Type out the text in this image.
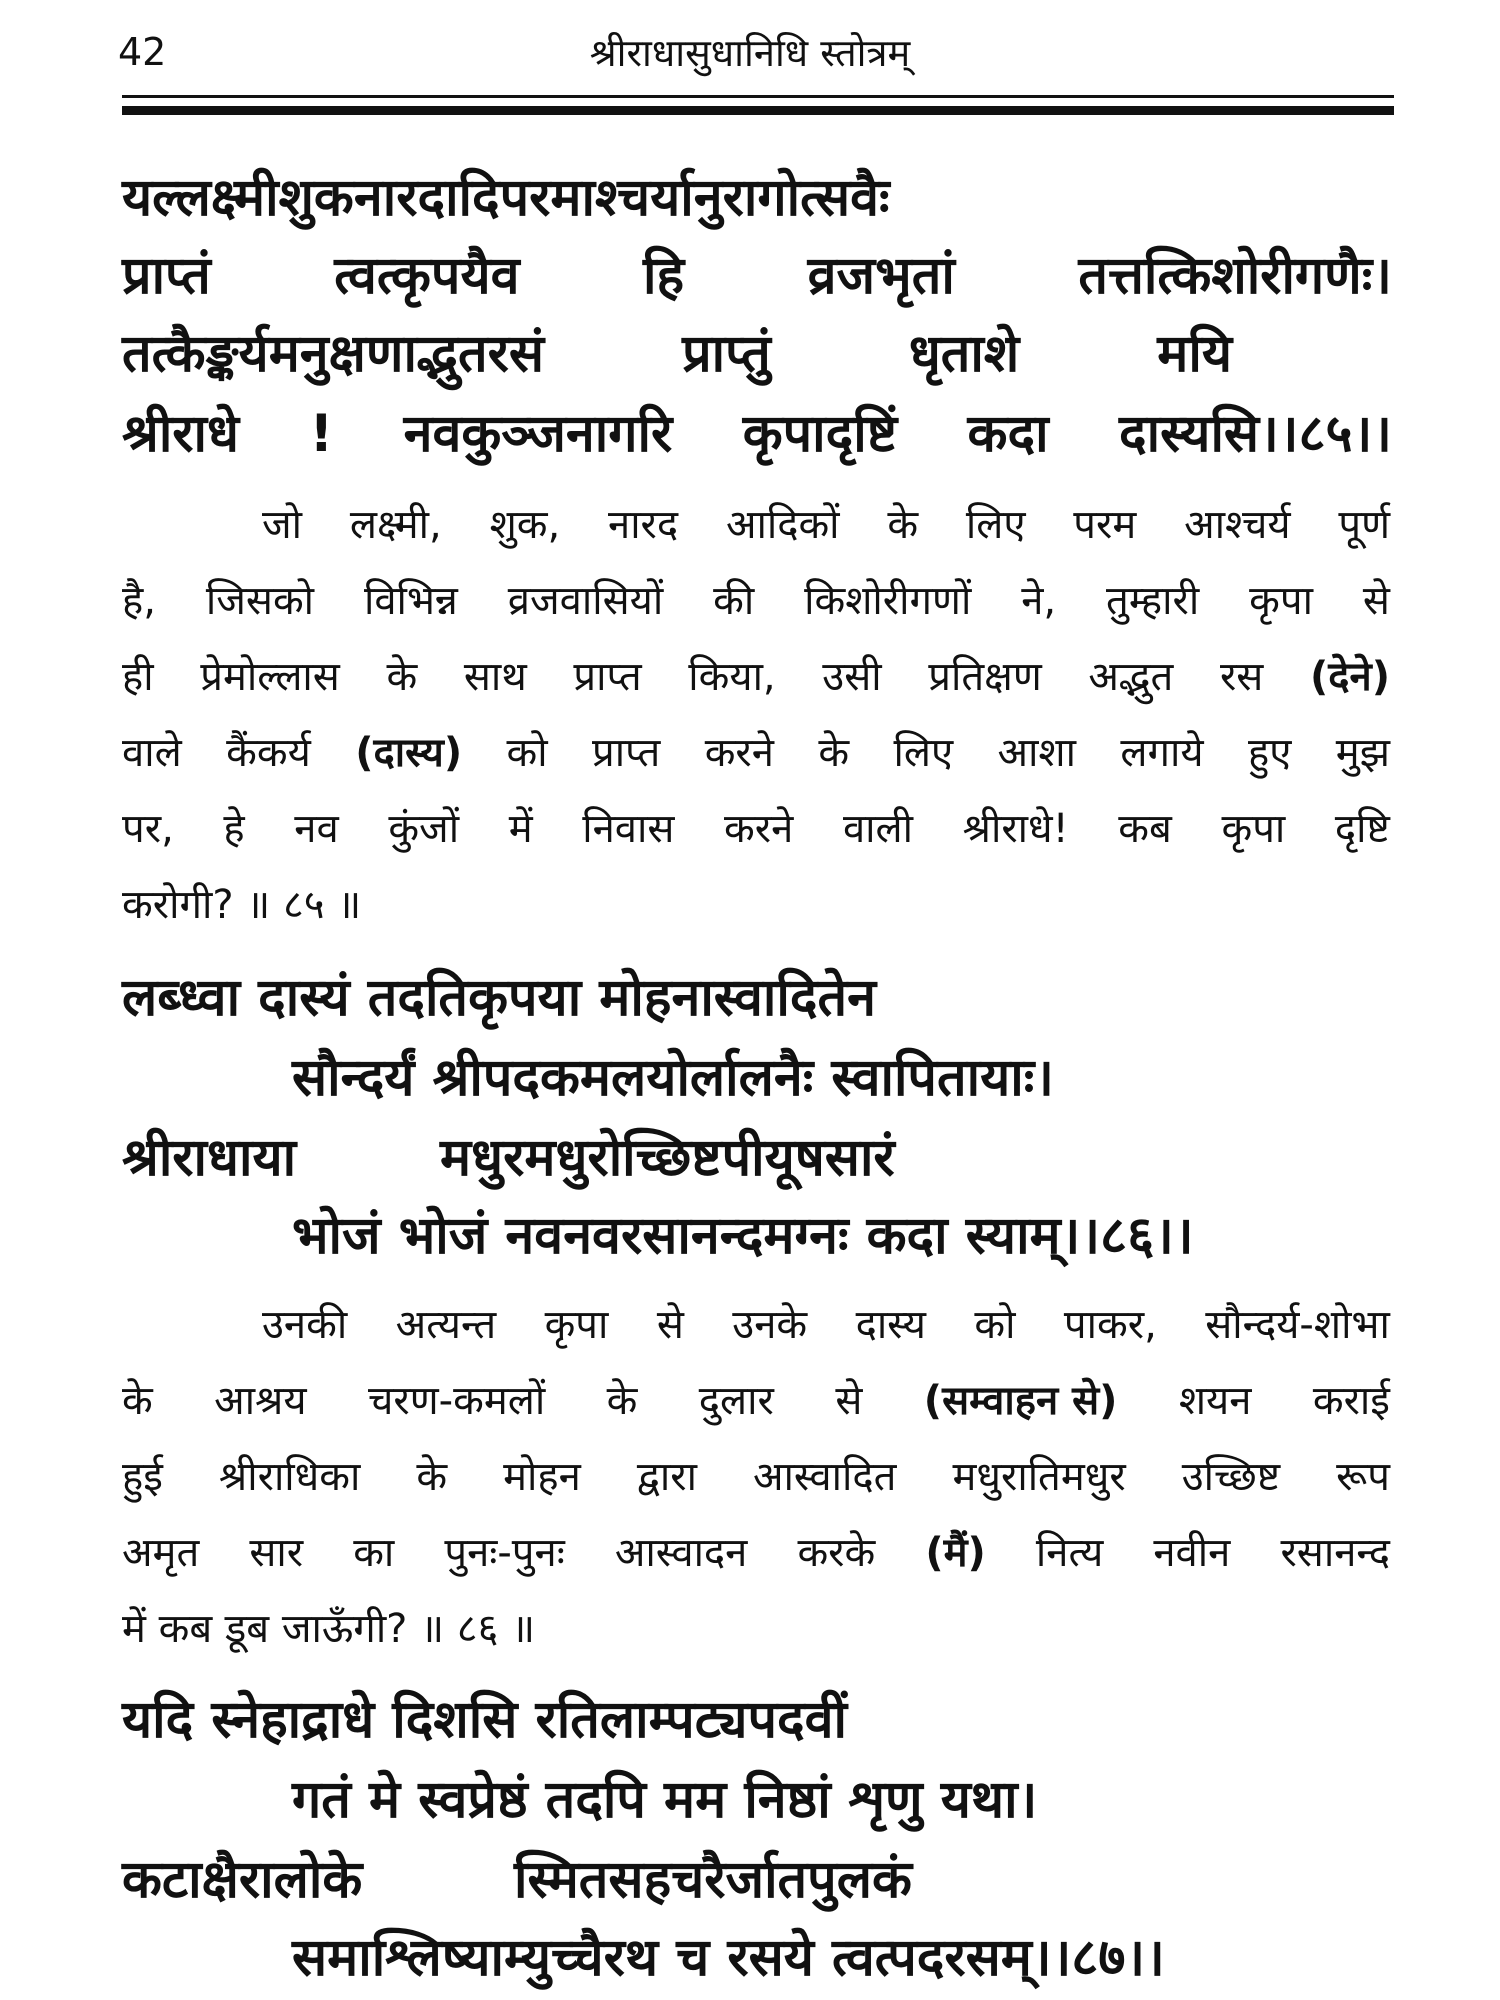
42	श्रीराधासुधानिधि स्तोत्रम्
यल्लक्ष्मीशुकनारदादिपरमाश्चर्यानुरागोत्सवैः
प्राप्तं त्वत्कृपयैव हि व्रजभृतां तत्तत्किशोरीगणैः।
तत्कैङ्कर्यमनुक्षणाद्भुतरसं	प्राप्तुं	धृताशे	मयि
श्रीराधे ! नवकुञ्जनागरि कृपादृष्टिं कदा दास्यसि।।८५।।
जो लक्ष्मी, शुक, नारद आदिकों के लिए परम आश्चर्य पूर्ण
है, जिसको विभिन्न व्रजवासियों की किशोरीगणों ने, तुम्हारी कृपा से
ही प्रेमोल्लास के साथ प्राप्त किया, उसी प्रतिक्षण अद्भुत रस (देने)
वाले कैंकर्य (दास्य) को प्राप्त करने के लिए आशा लगाये हुए मुझ
पर, हे नव कुंजों में निवास करने वाली श्रीराधे! कब कृपा दृष्टि
करोगी? ॥ ८५ ॥
लब्ध्वा दास्यं तदतिकृपया मोहनास्वादितेन
सौन्दर्यं श्रीपदकमलयोर्लालनैः स्वापितायाः।
श्रीराधाया	मधुरमधुरोच्छिष्टपीयूषसारं
भोजं भोजं नवनवरसानन्दमग्नः कदा स्याम्।।८६।।
उनकी अत्यन्त कृपा से उनके दास्य को पाकर, सौन्दर्य-शोभा
के आश्रय चरण-कमलों के दुलार से (सम्वाहन से) शयन कराई
हुई श्रीराधिका के मोहन द्वारा आस्वादित मधुरातिमधुर उच्छिष्ट रूप
अमृत सार का पुनः-पुनः आस्वादन करके (मैं) नित्य नवीन रसानन्द
में कब डूब जाऊँगी? ॥ ८६ ॥
यदि स्नेहाद्राधे दिशसि रतिलाम्पट्यपदवीं
गतं मे स्वप्रेष्ठं तदपि मम निष्ठां शृणु यथा।
कटाक्षैरालोके	स्मितसहचरैर्जातपुलकं
समाश्लिष्याम्युच्चैरथ च रसये त्वत्पदरसम्।।८७।।
